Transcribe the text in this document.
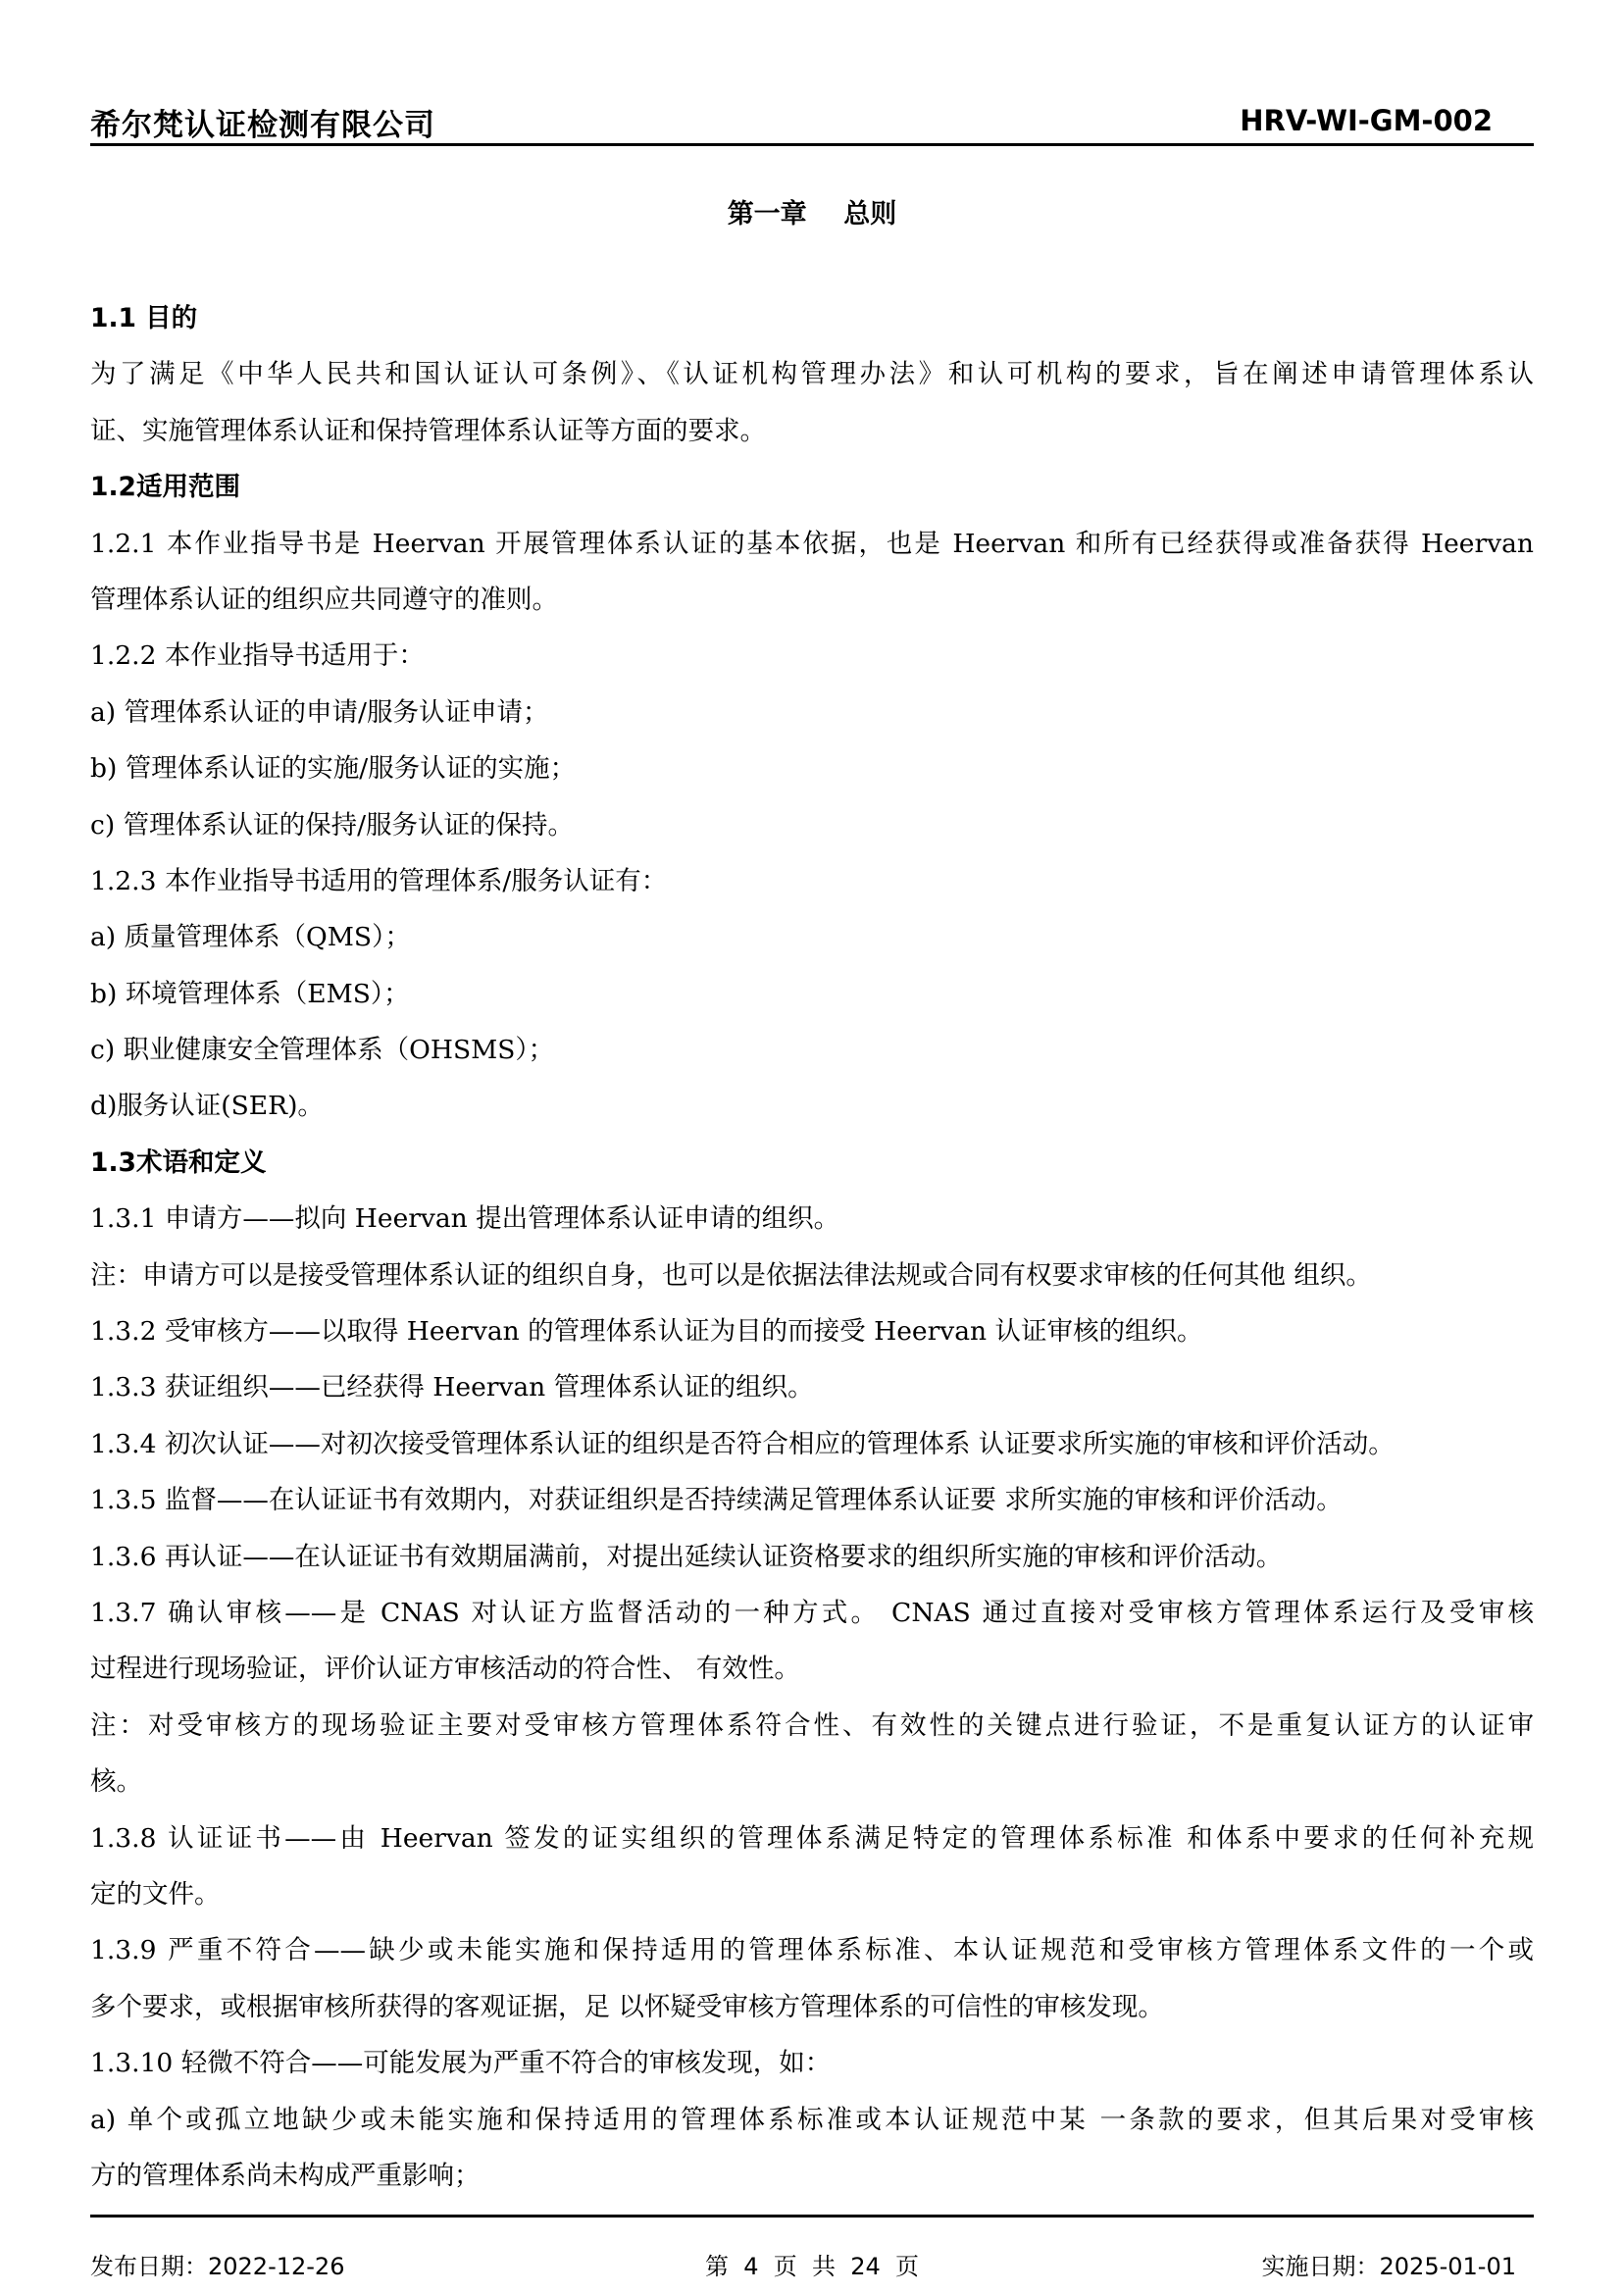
希尔梵认证检测有限公司	HRV-WI-GM-002
第一章    总则
1.1 目的
为了满足《中华人民共和国认证认可条例》、《认证机构管理办法》和认可机构的要求，旨在阐述申请管理体系认
证、实施管理体系认证和保持管理体系认证等方面的要求。
1.2适用范围
1.2.1 本作业指导书是 Heervan 开展管理体系认证的基本依据，也是 Heervan 和所有已经获得或准备获得 Heervan
管理体系认证的组织应共同遵守的准则。
1.2.2 本作业指导书适用于：
a) 管理体系认证的申请/服务认证申请；
b) 管理体系认证的实施/服务认证的实施；
c) 管理体系认证的保持/服务认证的保持。
1.2.3 本作业指导书适用的管理体系/服务认证有：
a) 质量管理体系（QMS）；
b) 环境管理体系（EMS）；
c) 职业健康安全管理体系（OHSMS）；
d)服务认证(SER)。
1.3术语和定义
1.3.1 申请方——拟向 Heervan 提出管理体系认证申请的组织。
注：申请方可以是接受管理体系认证的组织自身，也可以是依据法律法规或合同有权要求审核的任何其他 组织。
1.3.2 受审核方——以取得 Heervan 的管理体系认证为目的而接受 Heervan 认证审核的组织。
1.3.3 获证组织——已经获得 Heervan 管理体系认证的组织。
1.3.4 初次认证——对初次接受管理体系认证的组织是否符合相应的管理体系 认证要求所实施的审核和评价活动。
1.3.5 监督——在认证证书有效期内，对获证组织是否持续满足管理体系认证要 求所实施的审核和评价活动。
1.3.6 再认证——在认证证书有效期届满前，对提出延续认证资格要求的组织所实施的审核和评价活动。
1.3.7 确认审核——是 CNAS 对认证方监督活动的一种方式。 CNAS 通过直接对受审核方管理体系运行及受审核
过程进行现场验证，评价认证方审核活动的符合性、 有效性。
注：对受审核方的现场验证主要对受审核方管理体系符合性、有效性的关键点进行验证，不是重复认证方的认证审
核。
1.3.8 认证证书——由 Heervan 签发的证实组织的管理体系满足特定的管理体系标准 和体系中要求的任何补充规
定的文件。
1.3.9 严重不符合——缺少或未能实施和保持适用的管理体系标准、本认证规范和受审核方管理体系文件的一个或
多个要求，或根据审核所获得的客观证据，足 以怀疑受审核方管理体系的可信性的审核发现。
1.3.10 轻微不符合——可能发展为严重不符合的审核发现，如：
a) 单个或孤立地缺少或未能实施和保持适用的管理体系标准或本认证规范中某 一条款的要求，但其后果对受审核
方的管理体系尚未构成严重影响；
发布日期：2022-12-26	第  4  页  共  24  页	实施日期：2025-01-01
